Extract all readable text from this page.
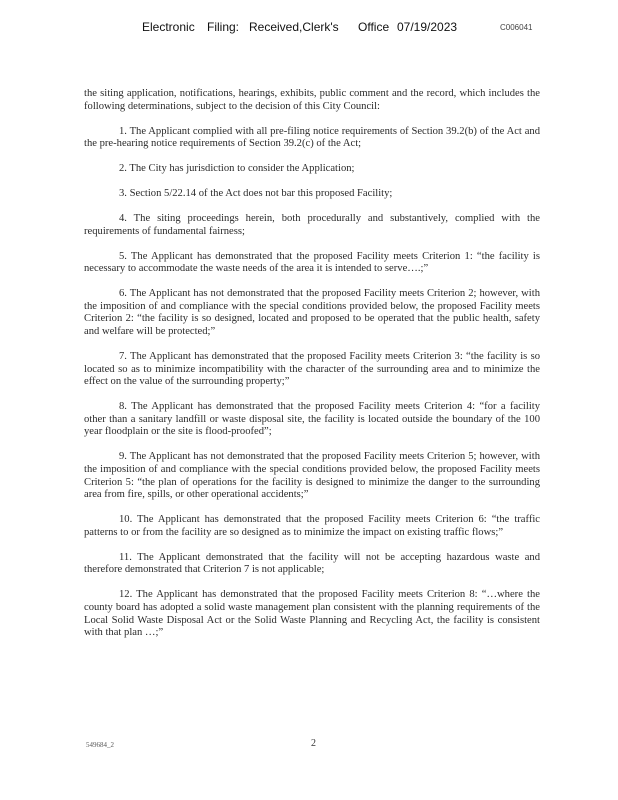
Electronic Filing: Received,Clerk's Office 07/19/2023	C006041

the siting application, notifications, hearings, exhibits, public comment and the record, which includes the following determinations, subject to the decision of this City Council:

1. The Applicant complied with all pre-filing notice requirements of Section 39.2(b) of the Act and the pre-hearing notice requirements of Section 39.2(c) of the Act;

2. The City has jurisdiction to consider the Application;

3. Section 5/22.14 of the Act does not bar this proposed Facility;

4. The siting proceedings herein, both procedurally and substantively, complied with the requirements of fundamental fairness;

5. The Applicant has demonstrated that the proposed Facility meets Criterion 1: “the facility is necessary to accommodate the waste needs of the area it is intended to serve….;”

6. The Applicant has not demonstrated that the proposed Facility meets Criterion 2; however, with the imposition of and compliance with the special conditions provided below, the proposed Facility meets Criterion 2: “the facility is so designed, located and proposed to be operated that the public health, safety and welfare will be protected;”

7. The Applicant has demonstrated that the proposed Facility meets Criterion 3: “the facility is so located so as to minimize incompatibility with the character of the surrounding area and to minimize the effect on the value of the surrounding property;”

8. The Applicant has demonstrated that the proposed Facility meets Criterion 4: “for a facility other than a sanitary landfill or waste disposal site, the facility is located outside the boundary of the 100 year floodplain or the site is flood-proofed”;

9. The Applicant has not demonstrated that the proposed Facility meets Criterion 5; however, with the imposition of and compliance with the special conditions provided below, the proposed Facility meets Criterion 5: “the plan of operations for the facility is designed to minimize the danger to the surrounding area from fire, spills, or other operational accidents;”

10. The Applicant has demonstrated that the proposed Facility meets Criterion 6: “the traffic patterns to or from the facility are so designed as to minimize the impact on existing traffic flows;”

11. The Applicant demonstrated that the facility will not be accepting hazardous waste and therefore demonstrated that Criterion 7 is not applicable;

12. The Applicant has demonstrated that the proposed Facility meets Criterion 8: “…where the county board has adopted a solid waste management plan consistent with the planning requirements of the Local Solid Waste Disposal Act or the Solid Waste Planning and Recycling Act, the facility is consistent with that plan …;”

549684_2	2
